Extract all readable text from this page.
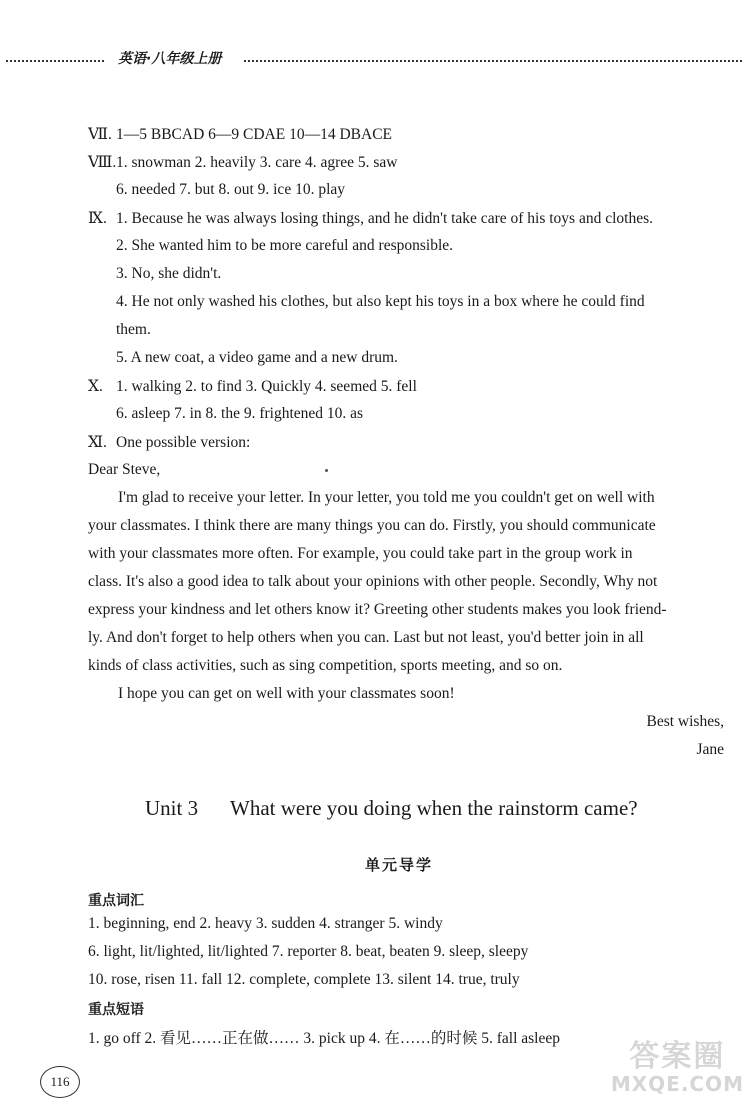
英语·八年级上册
Ⅶ. 1—5 BBCAD 6—9 CDAE 10—14 DBACE
Ⅷ.1. snowman 2. heavily 3. care 4. agree 5. saw
6. needed 7. but 8. out 9. ice 10. play
Ⅸ. 1. Because he was always losing things, and he didn't take care of his toys and clothes.
2. She wanted him to be more careful and responsible.
3. No, she didn't.
4. He not only washed his clothes, but also kept his toys in a box where he could find
them.
5. A new coat, a video game and a new drum.
Ⅹ. 1. walking 2. to find 3. Quickly 4. seemed 5. fell
6. asleep 7. in 8. the 9. frightened 10. as
Ⅺ. One possible version:
Dear Steve,
I'm glad to receive your letter. In your letter, you told me you couldn't get on well with
your classmates. I think there are many things you can do. Firstly, you should communicate
with your classmates more often. For example, you could take part in the group work in
class. It's also a good idea to talk about your opinions with other people. Secondly, Why not
express your kindness and let others know it? Greeting other students makes you look friend-
ly. And don't forget to help others when you can. Last but not least, you'd better join in all
kinds of class activities, such as sing competition, sports meeting, and so on.
I hope you can get on well with your classmates soon!
Best wishes,
Jane
Unit 3 What were you doing when the rainstorm came?
单元导学
重点词汇
1. beginning, end 2. heavy 3. sudden 4. stranger 5. windy
6. light, lit/lighted, lit/lighted 7. reporter 8. beat, beaten 9. sleep, sleepy
10. rose, risen 11. fall 12. complete, complete 13. silent 14. true, truly
重点短语
1. go off 2. 看见……正在做…… 3. pick up 4. 在……的时候 5. fall asleep
116
答案圈
MXQE.COM
